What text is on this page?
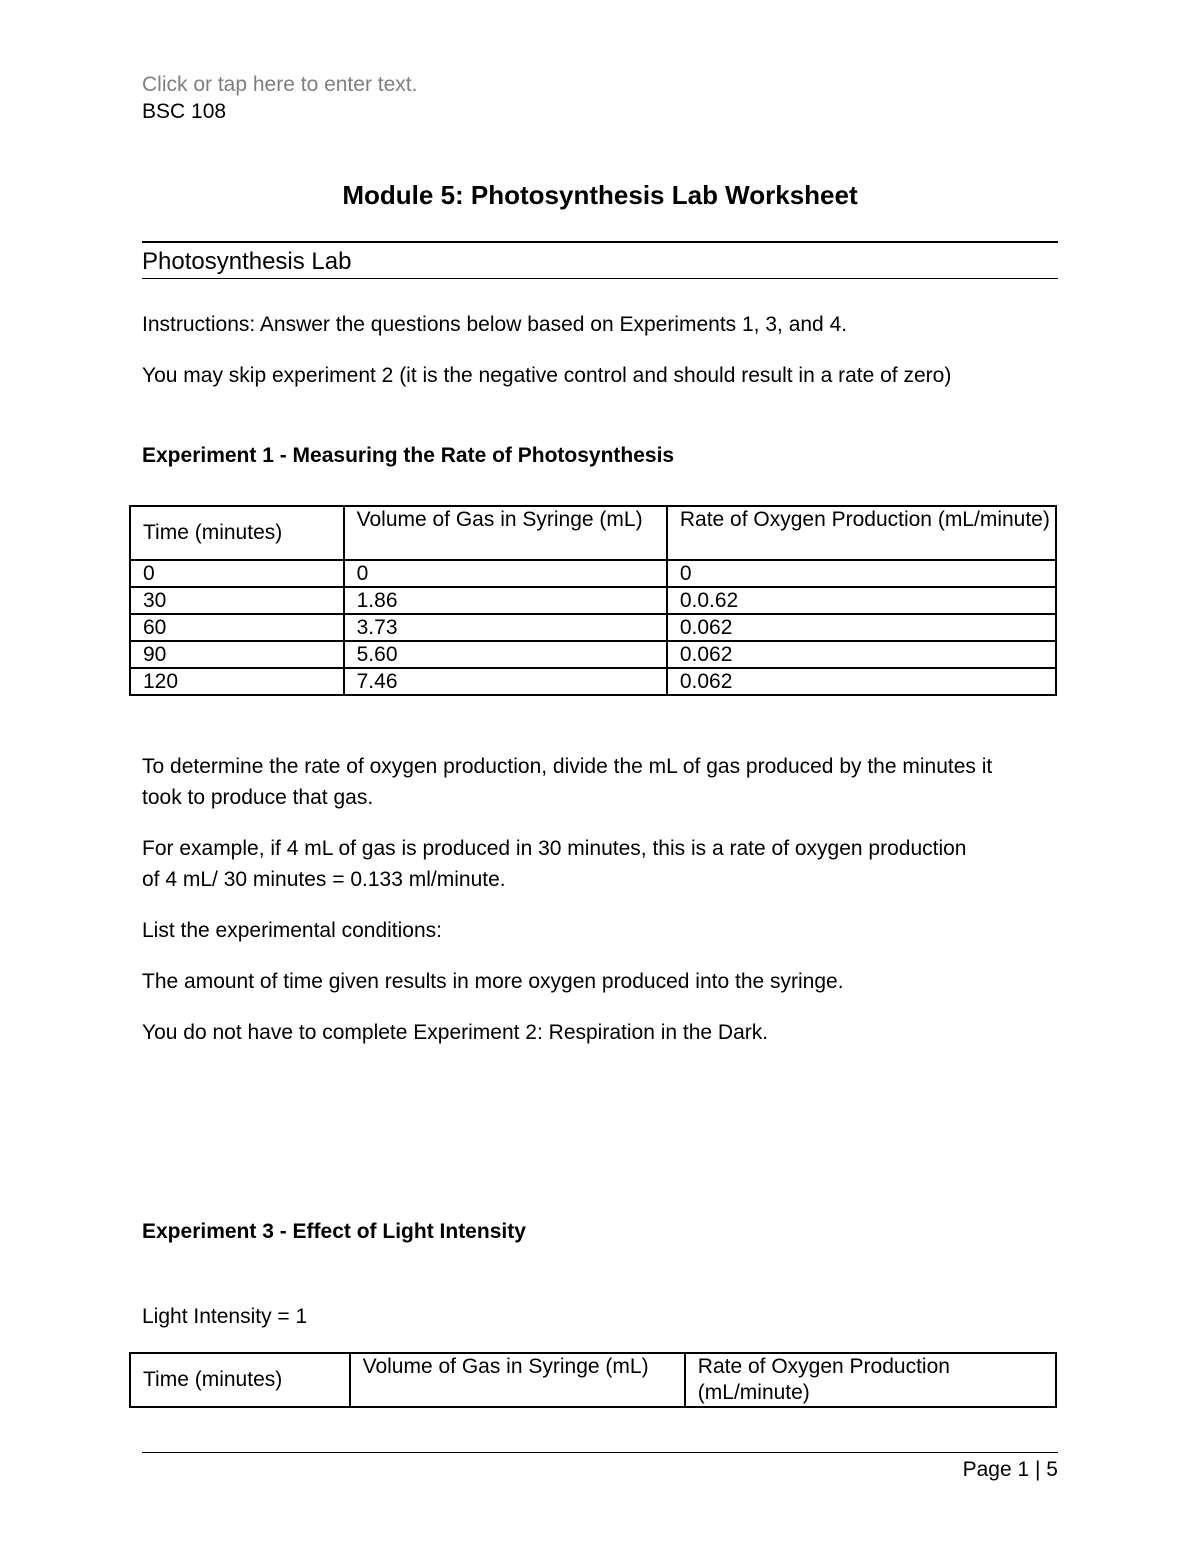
Click or tap here to enter text.
BSC 108
Module 5: Photosynthesis Lab Worksheet
Photosynthesis Lab
Instructions: Answer the questions below based on Experiments 1, 3, and 4.
You may skip experiment 2 (it is the negative control and should result in a rate of zero)
Experiment 1 - Measuring the Rate of Photosynthesis
Time (minutes)	Volume of Gas in Syringe (mL)	Rate of Oxygen Production (mL/minute)
0	0	0
30	1.86	0.0.62
60	3.73	0.062
90	5.60	0.062
120	7.46	0.062
To determine the rate of oxygen production, divide the mL of gas produced by the minutes it took to produce that gas.
For example, if 4 mL of gas is produced in 30 minutes, this is a rate of oxygen production of 4 mL/ 30 minutes = 0.133 ml/minute.
List the experimental conditions:
The amount of time given results in more oxygen produced into the syringe.
You do not have to complete Experiment 2: Respiration in the Dark.
Experiment 3 - Effect of Light Intensity
Light Intensity = 1
Time (minutes)	Volume of Gas in Syringe (mL)	Rate of Oxygen Production (mL/minute)
Page 1 | 5
